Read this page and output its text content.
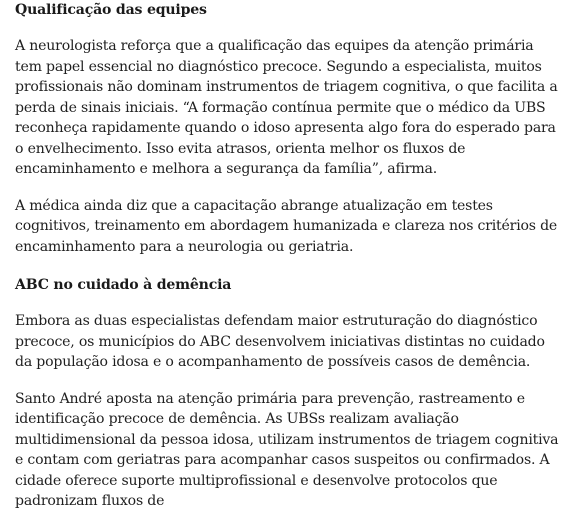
Qualificação das equipes

A neurologista reforça que a qualificação das equipes da atenção primária tem papel essencial no diagnóstico precoce. Segundo a especialista, muitos profissionais não dominam instrumentos de triagem cognitiva, o que facilita a perda de sinais iniciais. “A formação contínua permite que o médico da UBS reconheça rapidamente quando o idoso apresenta algo fora do esperado para o envelhecimento. Isso evita atrasos, orienta melhor os fluxos de encaminhamento e melhora a segurança da família”, afirma.

A médica ainda diz que a capacitação abrange atualização em testes cognitivos, treinamento em abordagem humanizada e clareza nos critérios de encaminhamento para a neurologia ou geriatria.

ABC no cuidado à demência

Embora as duas especialistas defendam maior estruturação do diagnóstico precoce, os municípios do ABC desenvolvem iniciativas distintas no cuidado da população idosa e o acompanhamento de possíveis casos de demência.

Santo André aposta na atenção primária para prevenção, rastreamento e identificação precoce de demência. As UBSs realizam avaliação multidimensional da pessoa idosa, utilizam instrumentos de triagem cognitiva e contam com geriatras para acompanhar casos suspeitos ou confirmados. A cidade oferece suporte multiprofissional e desenvolve protocolos que padronizam fluxos de
